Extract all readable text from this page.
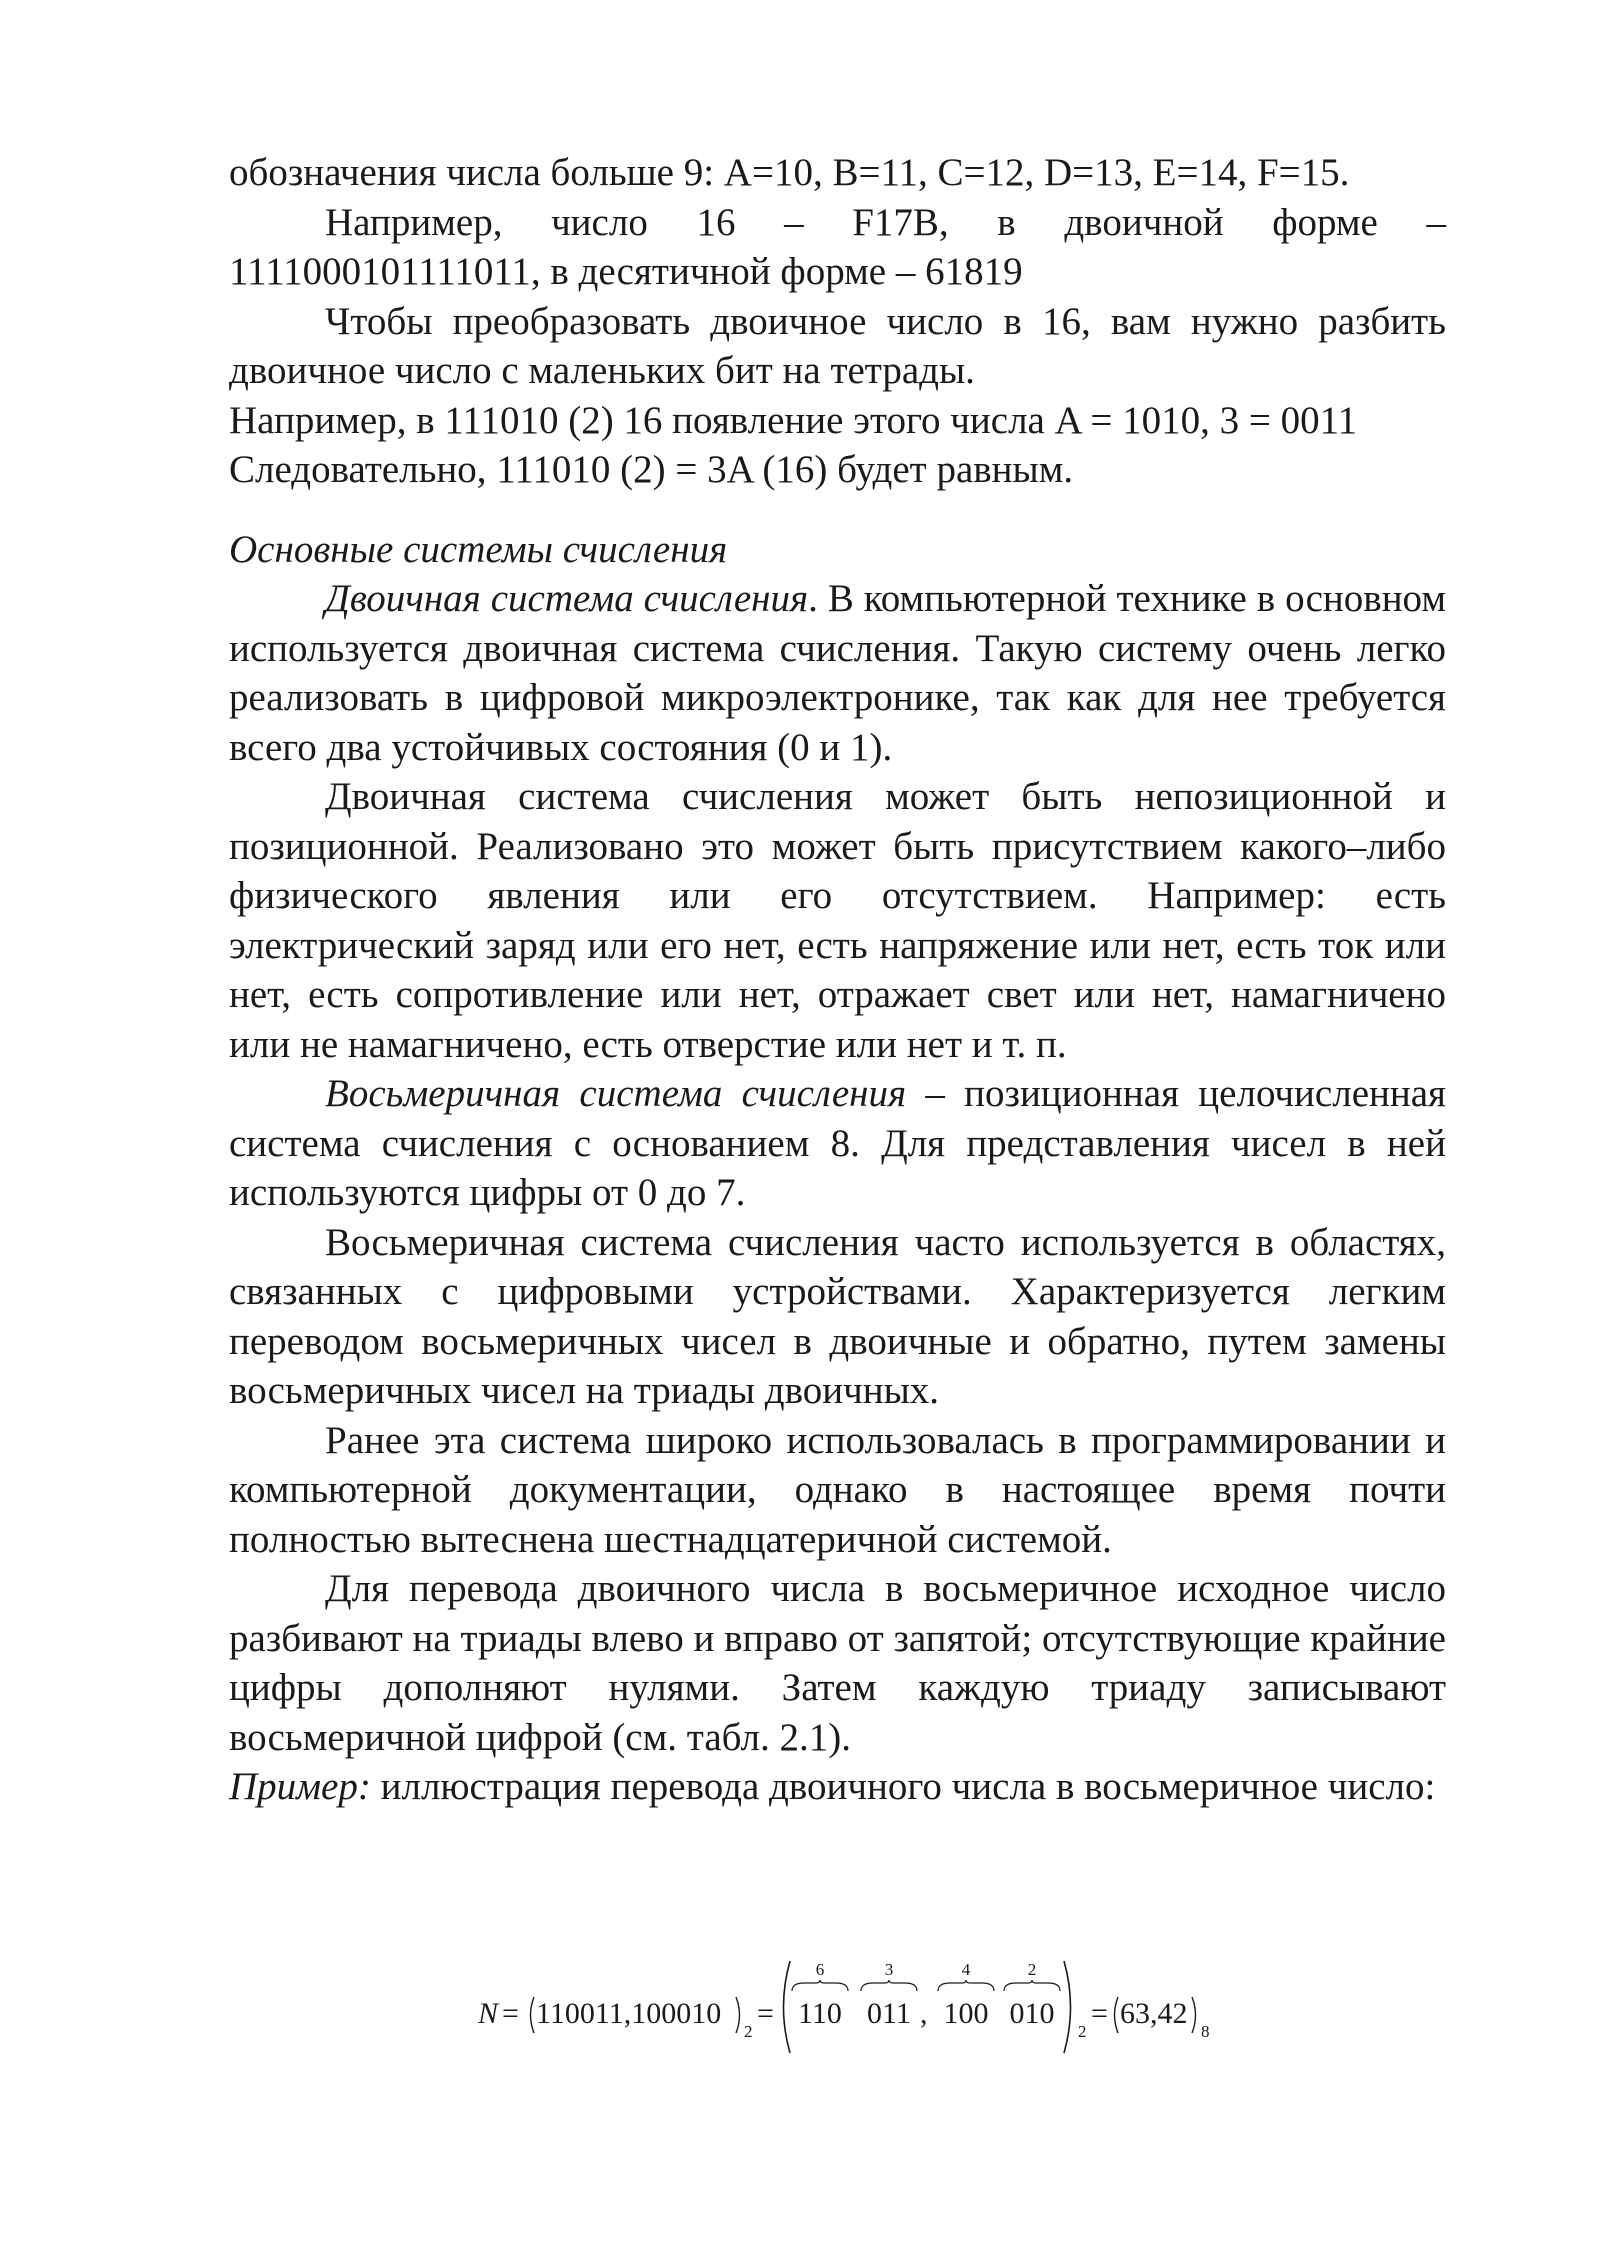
обозначения числа больше 9: A=10, B=11, C=12, D=13, E=14, F=15.

Например, число 16 – F17B, в двоичной форме – 1111000101111011, в десятичной форме – 61819

Чтобы преобразовать двоичное число в 16, вам нужно разбить двоичное число с маленьких бит на тетрады.

Например, в 111010 (2) 16 появление этого числа A = 1010, 3 = 0011

Следовательно, 111010 (2) = 3A (16) будет равным.

Основные системы счисления

Двоичная система счисления. В компьютерной технике в основном используется двоичная система счисления. Такую систему очень легко реализовать в цифровой микроэлектронике, так как для нее требуется всего два устойчивых состояния (0 и 1).

Двоичная система счисления может быть непозиционной и позиционной. Реализовано это может быть присутствием какого–либо физического явления или его отсутствием. Например: есть электрический заряд или его нет, есть напряжение или нет, есть ток или нет, есть сопротивление или нет, отражает свет или нет, намагничено или не намагничено, есть отверстие или нет и т. п.

Восьмеричная система счисления – позиционная целочисленная система счисления с основанием 8. Для представления чисел в ней используются цифры от 0 до 7.

Восьмеричная система счисления часто используется в областях, связанных с цифровыми устройствами. Характеризуется легким переводом восьмеричных чисел в двоичные и обратно, путем замены восьмеричных чисел на триады двоичных.

Ранее эта система широко использовалась в программировании и компьютерной документации, однако в настоящее время почти полностью вытеснена шестнадцатеричной системой.

Для перевода двоичного числа в восьмеричное исходное число разбивают на триады влево и вправо от запятой; отсутствующие крайние цифры дополняют нулями. Затем каждую триаду записывают восьмеричной цифрой (см. табл. 2.1).

Пример: иллюстрация перевода двоичного числа в восьмеричное число:

N = 110011,100010
2
=
6
110
3
011 ,
4
100
2
010
2
= 63,42
8
